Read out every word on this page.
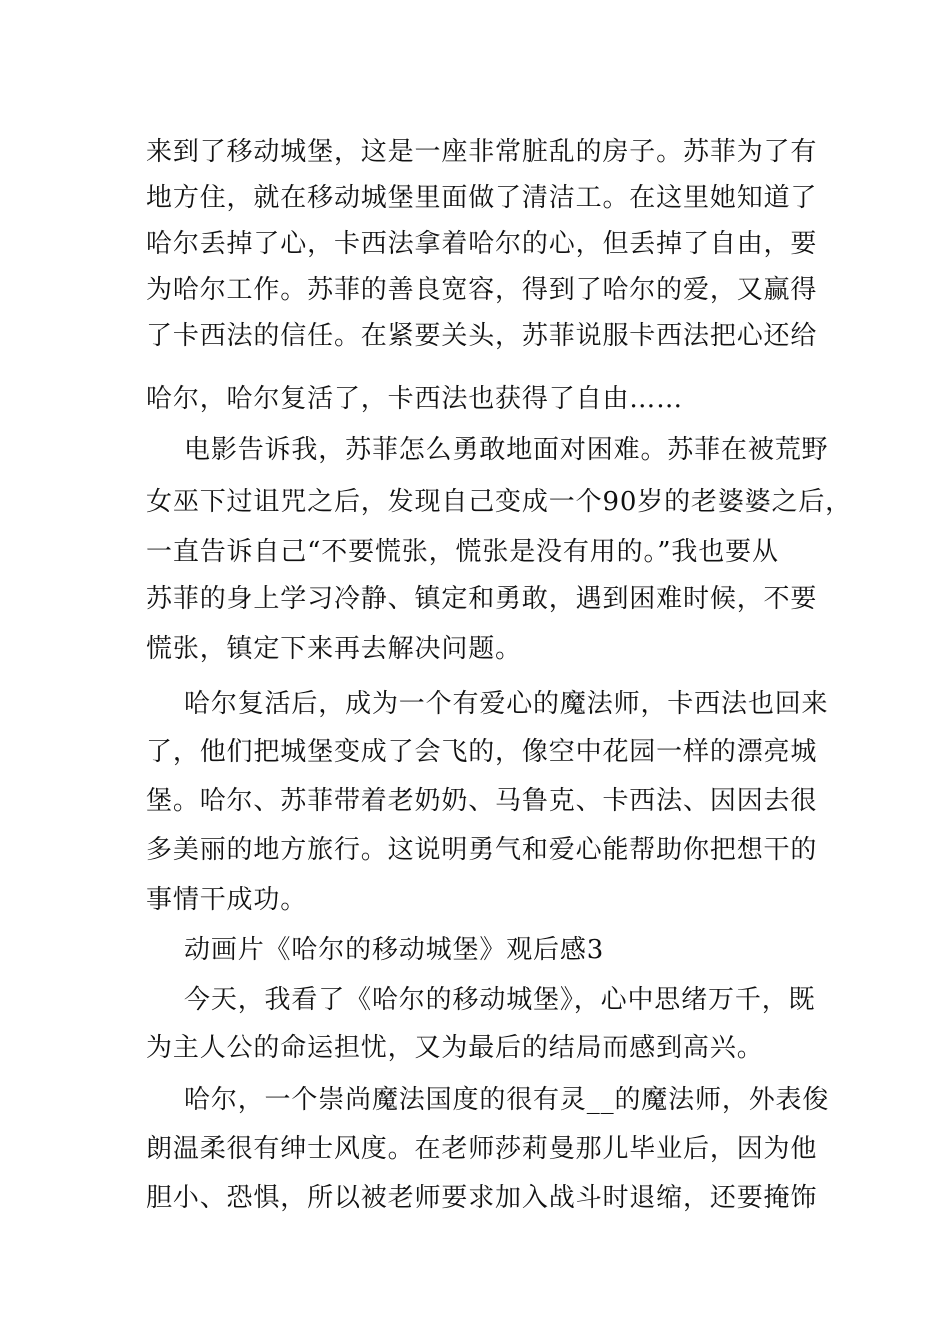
来到了移动城堡，这是一座非常脏乱的房子。苏菲为了有

地方住，就在移动城堡里面做了清洁工。在这里她知道了

哈尔丢掉了心，卡西法拿着哈尔的心，但丢掉了自由，要

为哈尔工作。苏菲的善良宽容，得到了哈尔的爱，又赢得

了卡西法的信任。在紧要关头，苏菲说服卡西法把心还给

哈尔，哈尔复活了，卡西法也获得了自由……

电影告诉我，苏菲怎么勇敢地面对困难。苏菲在被荒野

女巫下过诅咒之后，发现自己变成一个90岁的老婆婆之后，

一直告诉自己“不要慌张，慌张是没有用的。”我也要从

苏菲的身上学习冷静、镇定和勇敢，遇到困难时候，不要

慌张，镇定下来再去解决问题。

哈尔复活后，成为一个有爱心的魔法师，卡西法也回来

了，他们把城堡变成了会飞的，像空中花园一样的漂亮城

堡。哈尔、苏菲带着老奶奶、马鲁克、卡西法、因因去很

多美丽的地方旅行。这说明勇气和爱心能帮助你把想干的

事情干成功。

动画片《哈尔的移动城堡》观后感3

今天，我看了《哈尔的移动城堡》，心中思绪万千，既

为主人公的命运担忧，又为最后的结局而感到高兴。

哈尔，一个崇尚魔法国度的很有灵__的魔法师，外表俊

朗温柔很有绅士风度。在老师莎莉曼那儿毕业后，因为他

胆小、恐惧，所以被老师要求加入战斗时退缩，还要掩饰
